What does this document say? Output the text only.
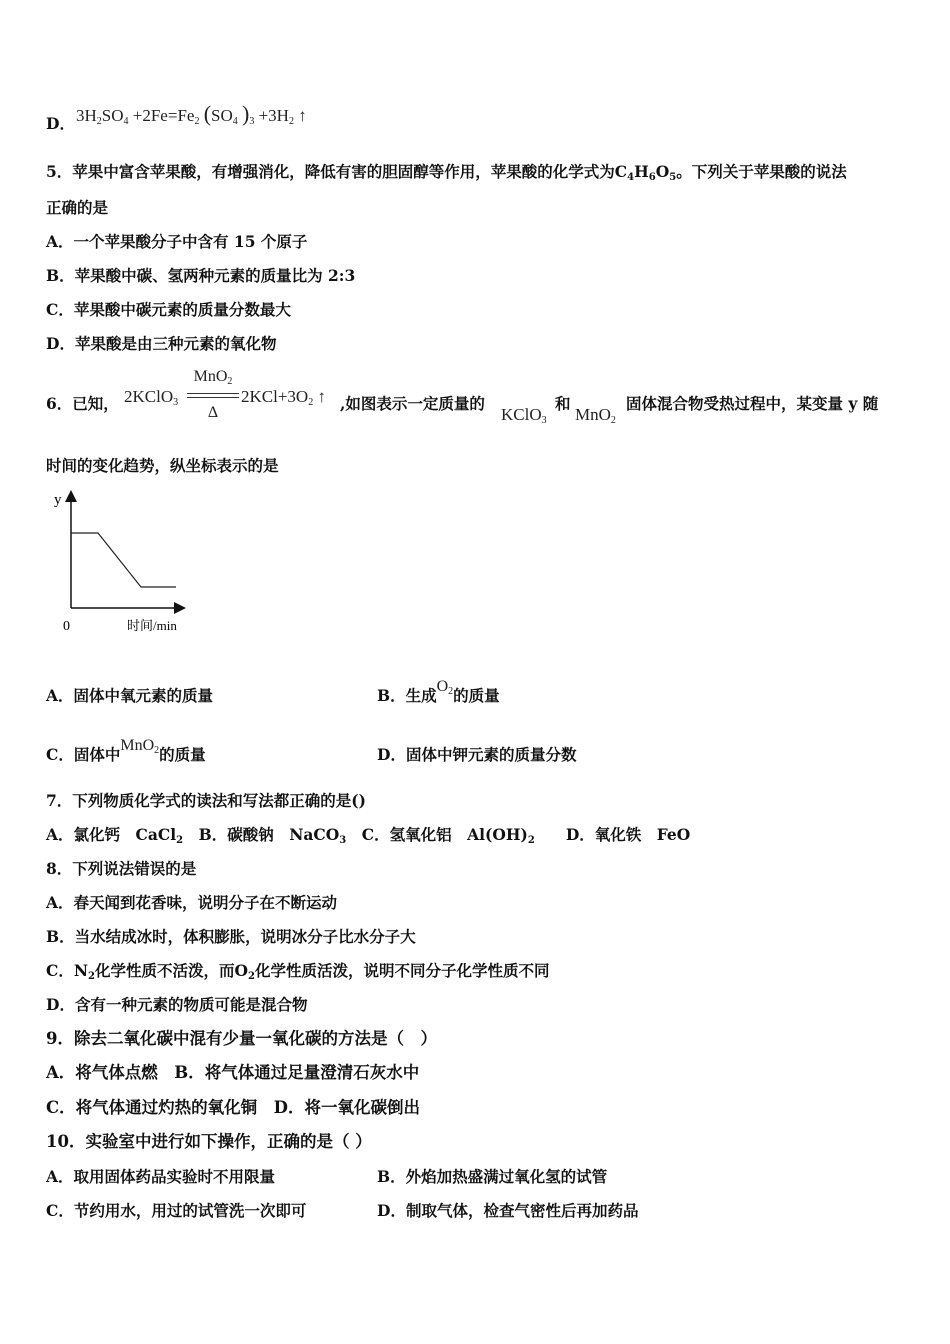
D． $3H_2SO_4 +2Fe=Fe_2$ ($SO_4$ )$_3 +3H_2$ ↑
5．苹果中富含苹果酸，有增强消化，降低有害的胆固醇等作用，苹果酸的化学式为$C_4H_6O_5$。下列关于苹果酸的说法
正确的是
A．一个苹果酸分子中含有 15 个原子
B．苹果酸中碳、氢两种元素的质量比为 2:3
C．苹果酸中碳元素的质量分数最大
D．苹果酸是由三种元素的氧化物
6．已知， 2KClO$_3$
MnO$_2$
Δ
$2KCl+3O_2$ ↑ ,如图表示一定质量的
KClO$_3$
和
MnO$_2$
固体混合物受热过程中，某变量 y 随
时间的变化趋势，纵坐标表示的是
y
0	时间/min
A．固体中氧元素的质量	B．生成$O_2$的质量
C．固体中MnO$_2$的质量	D．固体中钾元素的质量分数
7．下列物质化学式的读法和写法都正确的是()
A．氯化钙　CaCl$_2$　 B．碳酸钠　NaCO$_3$　 C．氢氧化铝　$Al(OH)_2$　　 D．氧化铁　FeO
8．下列说法错误的是
A．春天闻到花香味，说明分子在不断运动
B．当水结成冰时，体积膨胀，说明冰分子比水分子大
C．$N_2$化学性质不活泼，而$O_2$化学性质活泼，说明不同分子化学性质不同
D．含有一种元素的物质可能是混合物
9．除去二氧化碳中混有少量一氧化碳的方法是（　）
A．将气体点燃　B．将气体通过足量澄清石灰水中
C．将气体通过灼热的氧化铜　D．将一氧化碳倒出
10．实验室中进行如下操作，正确的是（ ）
A．取用固体药品实验时不用限量	B．外焰加热盛满过氧化氢的试管
C．节约用水，用过的试管洗一次即可	D．制取气体，检查气密性后再加药品
